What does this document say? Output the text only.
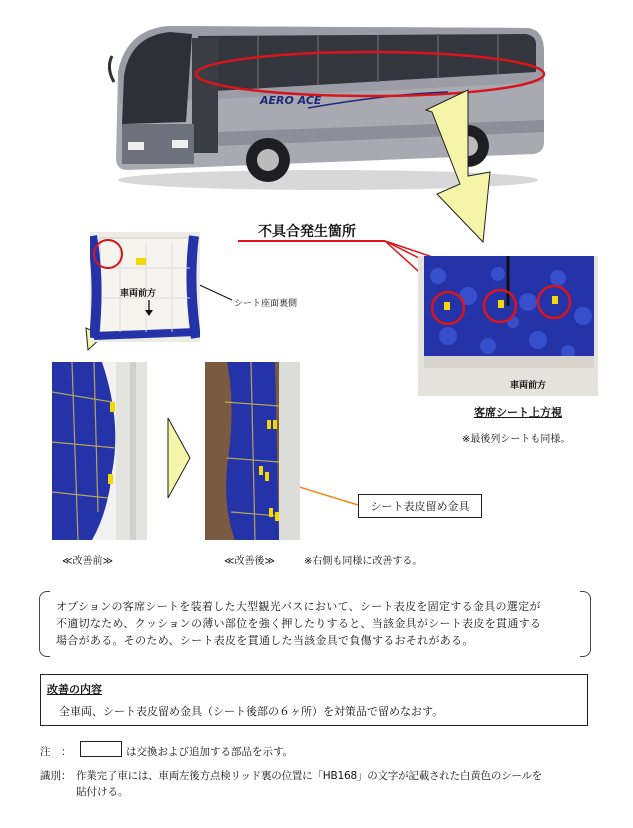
AERO ACE
不具合発生箇所
車両前方
シート座面裏側
車両前方
客席シート上方視
※最後列シートも同様。
≪改善前≫	≪改善後≫	※右側も同様に改善する。
シート表皮留め金具
オプションの客席シートを装着した大型観光バスにおいて、シート表皮を固定する金具の選定が
不適切なため、クッションの薄い部位を強く押したりすると、当該金具がシート表皮を貫通する
場合がある。そのため、シート表皮を貫通した当該金具で負傷するおそれがある。
改善の内容
全車両、シート表皮留め金具（シート後部の６ヶ所）を対策品で留めなおす。
注　：	は交換および追加する部品を示す。
識別： 作業完了車には、車両左後方点検リッド裏の位置に「HB168」の文字が記載された白黄色のシールを
貼付ける。
